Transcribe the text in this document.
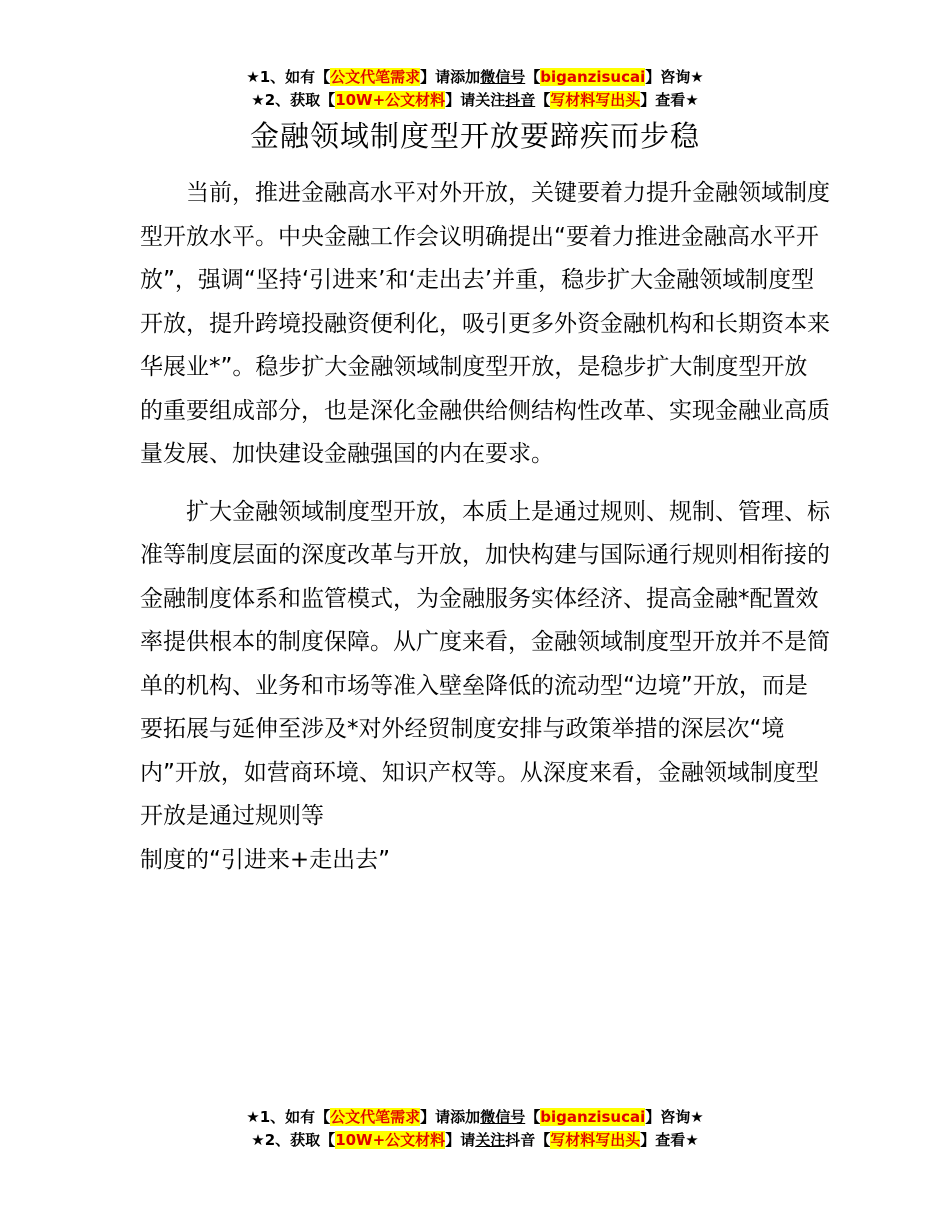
★1、如有【公文代笔需求】请添加微信号【biganzisucai】咨询★
★2、获取【10W+公文材料】请关注抖音【写材料写出头】查看★
金融领域制度型开放要蹄疾而步稳

当前，推进金融高水平对外开放，关键要着力提升金融领域制度型开放水平。中央金融工作会议明确提出“要着力推进金融高水平开放”，强调“坚持‘引进来’和‘走出去’并重，稳步扩大金融领域制度型开放，提升跨境投融资便利化，吸引更多外资金融机构和长期资本来华展业*”。稳步扩大金融领域制度型开放，是稳步扩大制度型开放的重要组成部分，也是深化金融供给侧结构性改革、实现金融业高质量发展、加快建设金融强国的内在要求。

扩大金融领域制度型开放，本质上是通过规则、规制、管理、标准等制度层面的深度改革与开放，加快构建与国际通行规则相衔接的金融制度体系和监管模式，为金融服务实体经济、提高金融*配置效率提供根本的制度保障。从广度来看，金融领域制度型开放并不是简单的机构、业务和市场等准入壁垒降低的流动型“边境”开放，而是要拓展与延伸至涉及*对外经贸制度安排与政策举措的深层次“境内”开放，如营商环境、知识产权等。从深度来看，金融领域制度型开放是通过规则等

制度的“引进来+走出去”

★1、如有【公文代笔需求】请添加微信号【biganzisucai】咨询★
★2、获取【10W+公文材料】请关注抖音【写材料写出头】查看★
